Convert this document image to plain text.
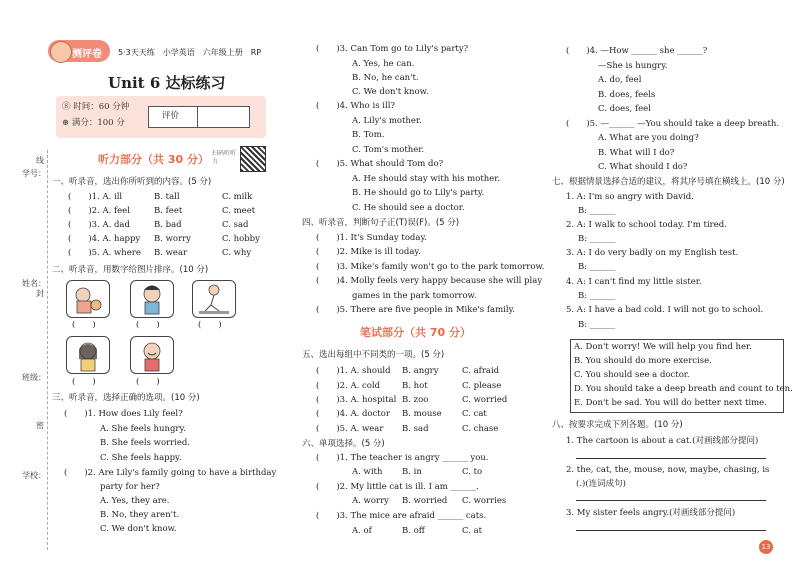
学号：
线
姓名：
封
班级：
密
学校：
测评卷 5·3天天练　小学英语　六年级上册　RP
Unit 6 达标练习
⑧ 时间：60 分钟
⊛ 满分：100 分
评价
听力部分（共 30 分） 扫码听听力
一、听录音，选出你所听到的内容。(5 分)
(　　)1. A. ill	B. tall	C. milk
(　　)2. A. feel	B. feet	C. meet
(　　)3. A. dad	B. bad	C. sad
(　　)4. A. happy B. worry	C. hobby
(　　)5. A. where B. wear	C. why
二、听录音，用数字给图片排序。(10 分)
(　　)	(　　)	(　　)
(　　)	(　　)
三、听录音，选择正确的选项。(10 分)
(　　)1. How does Lily feel?
A. She feels hungry.
B. She feels worried.
C. She feels happy.
(　　)2. Are Lily's family going to have a birthday
party for her?
A. Yes, they are.
B. No, they aren't.
C. We don't know.
(　　)3. Can Tom go to Lily's party?
A. Yes, he can.
B. No, he can't.
C. We don't know.
(　　)4. Who is ill?
A. Lily's mother.
B. Tom.
C. Tom's mother.
(　　)5. What should Tom do?
A. He should stay with his mother.
B. He should go to Lily's party.
C. He should see a doctor.
四、听录音，判断句子正(T)误(F)。(5 分)
(　　)1. It's Sunday today.
(　　)2. Mike is ill today.
(　　)3. Mike's family won't go to the park tomorrow.
(　　)4. Molly feels very happy because she will play
games in the park tomorrow.
(　　)5. There are five people in Mike's family.
笔试部分（共 70 分）
五、选出每组中不同类的一项。(5 分)
(　　)1. A. should B. angry	C. afraid
(　　)2. A. cold	B. hot	C. please
(　　)3. A. hospital B. zoo	C. worried
(　　)4. A. doctor B. mouse C. cat
(　　)5. A. wear B. sad	C. chase
六、单项选择。(5 分)
(　　)1. The teacher is angry ______ you.
A. with B. in	C. to
(　　)2. My little cat is ill. I am ______.
A. worry B. worried C. worries
(　　)3. The mice are afraid ______ cats.
A. of	B. off	C. at
(　　)4. —How ______ she ______?
—She is hungry.
A. do, feel
B. does, feels
C. does, feel
(　　)5. —______ —You should take a deep breath.
A. What are you doing?
B. What will I do?
C. What should I do?
七、根据情景选择合适的建议，将其序号填在横线上。(10 分)
1. A: I'm so angry with David.
B: ______
2. A: I walk to school today. I'm tired.
B: ______
3. A: I do very badly on my English test.
B: ______
4. A: I can't find my little sister.
B: ______
5. A: I have a bad cold. I will not go to school.
B: ______
A. Don't worry! We will help you find her.
B. You should do more exercise.
C. You should see a doctor.
D. You should take a deep breath and count to ten.
E. Don't be sad. You will do better next time.
八、按要求完成下列各题。(10 分)
1. The cartoon is about a cat.(对画线部分提问)
2. the, cat, the, mouse, now, maybe, chasing, is
(.)(连词成句)
3. My sister feels angry.(对画线部分提问)
13
